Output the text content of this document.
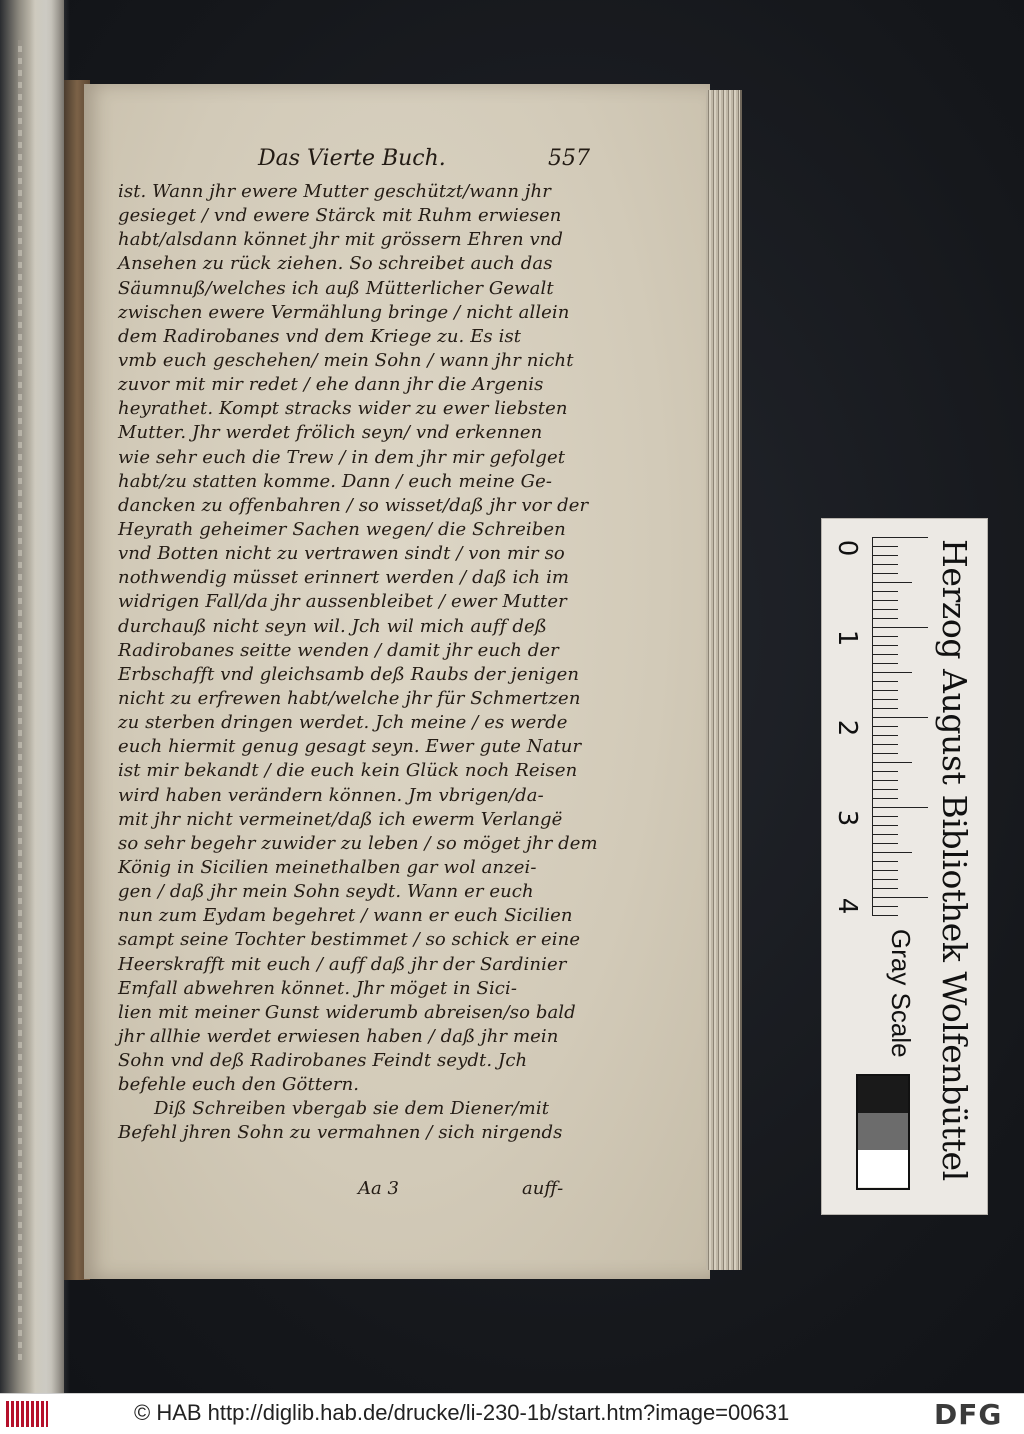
Das Vierte Buch.	557
ist. Wann jhr ewere Mutter geschützt/wann jhr
gesieget / vnd ewere Stärck mit Ruhm erwiesen
habt/alsdann könnet jhr mit grössern Ehren vnd
Ansehen zu rück ziehen. So schreibet auch das
Säumnuß/welches ich auß Mütterlicher Gewalt
zwischen ewere Vermählung bringe / nicht allein
dem Radirobanes vnd dem Kriege zu. Es ist
vmb euch geschehen/ mein Sohn / wann jhr nicht
zuvor mit mir redet / ehe dann jhr die Argenis
heyrathet. Kompt stracks wider zu ewer liebsten
Mutter. Jhr werdet frölich seyn/ vnd erkennen
wie sehr euch die Trew / in dem jhr mir gefolget
habt/zu statten komme. Dann / euch meine Ge-
dancken zu offenbahren / so wisset/daß jhr vor der
Heyrath geheimer Sachen wegen/ die Schreiben
vnd Botten nicht zu vertrawen sindt / von mir so
nothwendig müsset erinnert werden / daß ich im
widrigen Fall/da jhr aussenbleibet / ewer Mutter
durchauß nicht seyn wil. Jch wil mich auff deß
Radirobanes seitte wenden / damit jhr euch der
Erbschafft vnd gleichsamb deß Raubs der jenigen
nicht zu erfrewen habt/welche jhr für Schmertzen
zu sterben dringen werdet. Jch meine / es werde
euch hiermit genug gesagt seyn. Ewer gute Natur
ist mir bekandt / die euch kein Glück noch Reisen
wird haben verändern können. Jm vbrigen/da-
mit jhr nicht vermeinet/daß ich ewerm Verlangë
so sehr begehr zuwider zu leben / so möget jhr dem
König in Sicilien meinethalben gar wol anzei-
gen / daß jhr mein Sohn seydt. Wann er euch
nun zum Eydam begehret / wann er euch Sicilien
sampt seine Tochter bestimmet / so schick er eine
Heerskrafft mit euch / auff daß jhr der Sardinier
Emfall abwehren könnet. Jhr möget in Sici-
lien mit meiner Gunst widerumb abreisen/so bald
jhr allhie werdet erwiesen haben / daß jhr mein
Sohn vnd deß Radirobanes Feindt seydt. Jch
befehle euch den Göttern.
Diß Schreiben vbergab sie dem Diener/mit
Befehl jhren Sohn zu vermahnen / sich nirgends
Aa 3	auff-
0
1
2
3
4 Herzog August Bibliothek Wolfenbüttel
Gray Scale
© HAB http://diglib.hab.de/drucke/li-230-1b/start.htm?image=00631	DFG
